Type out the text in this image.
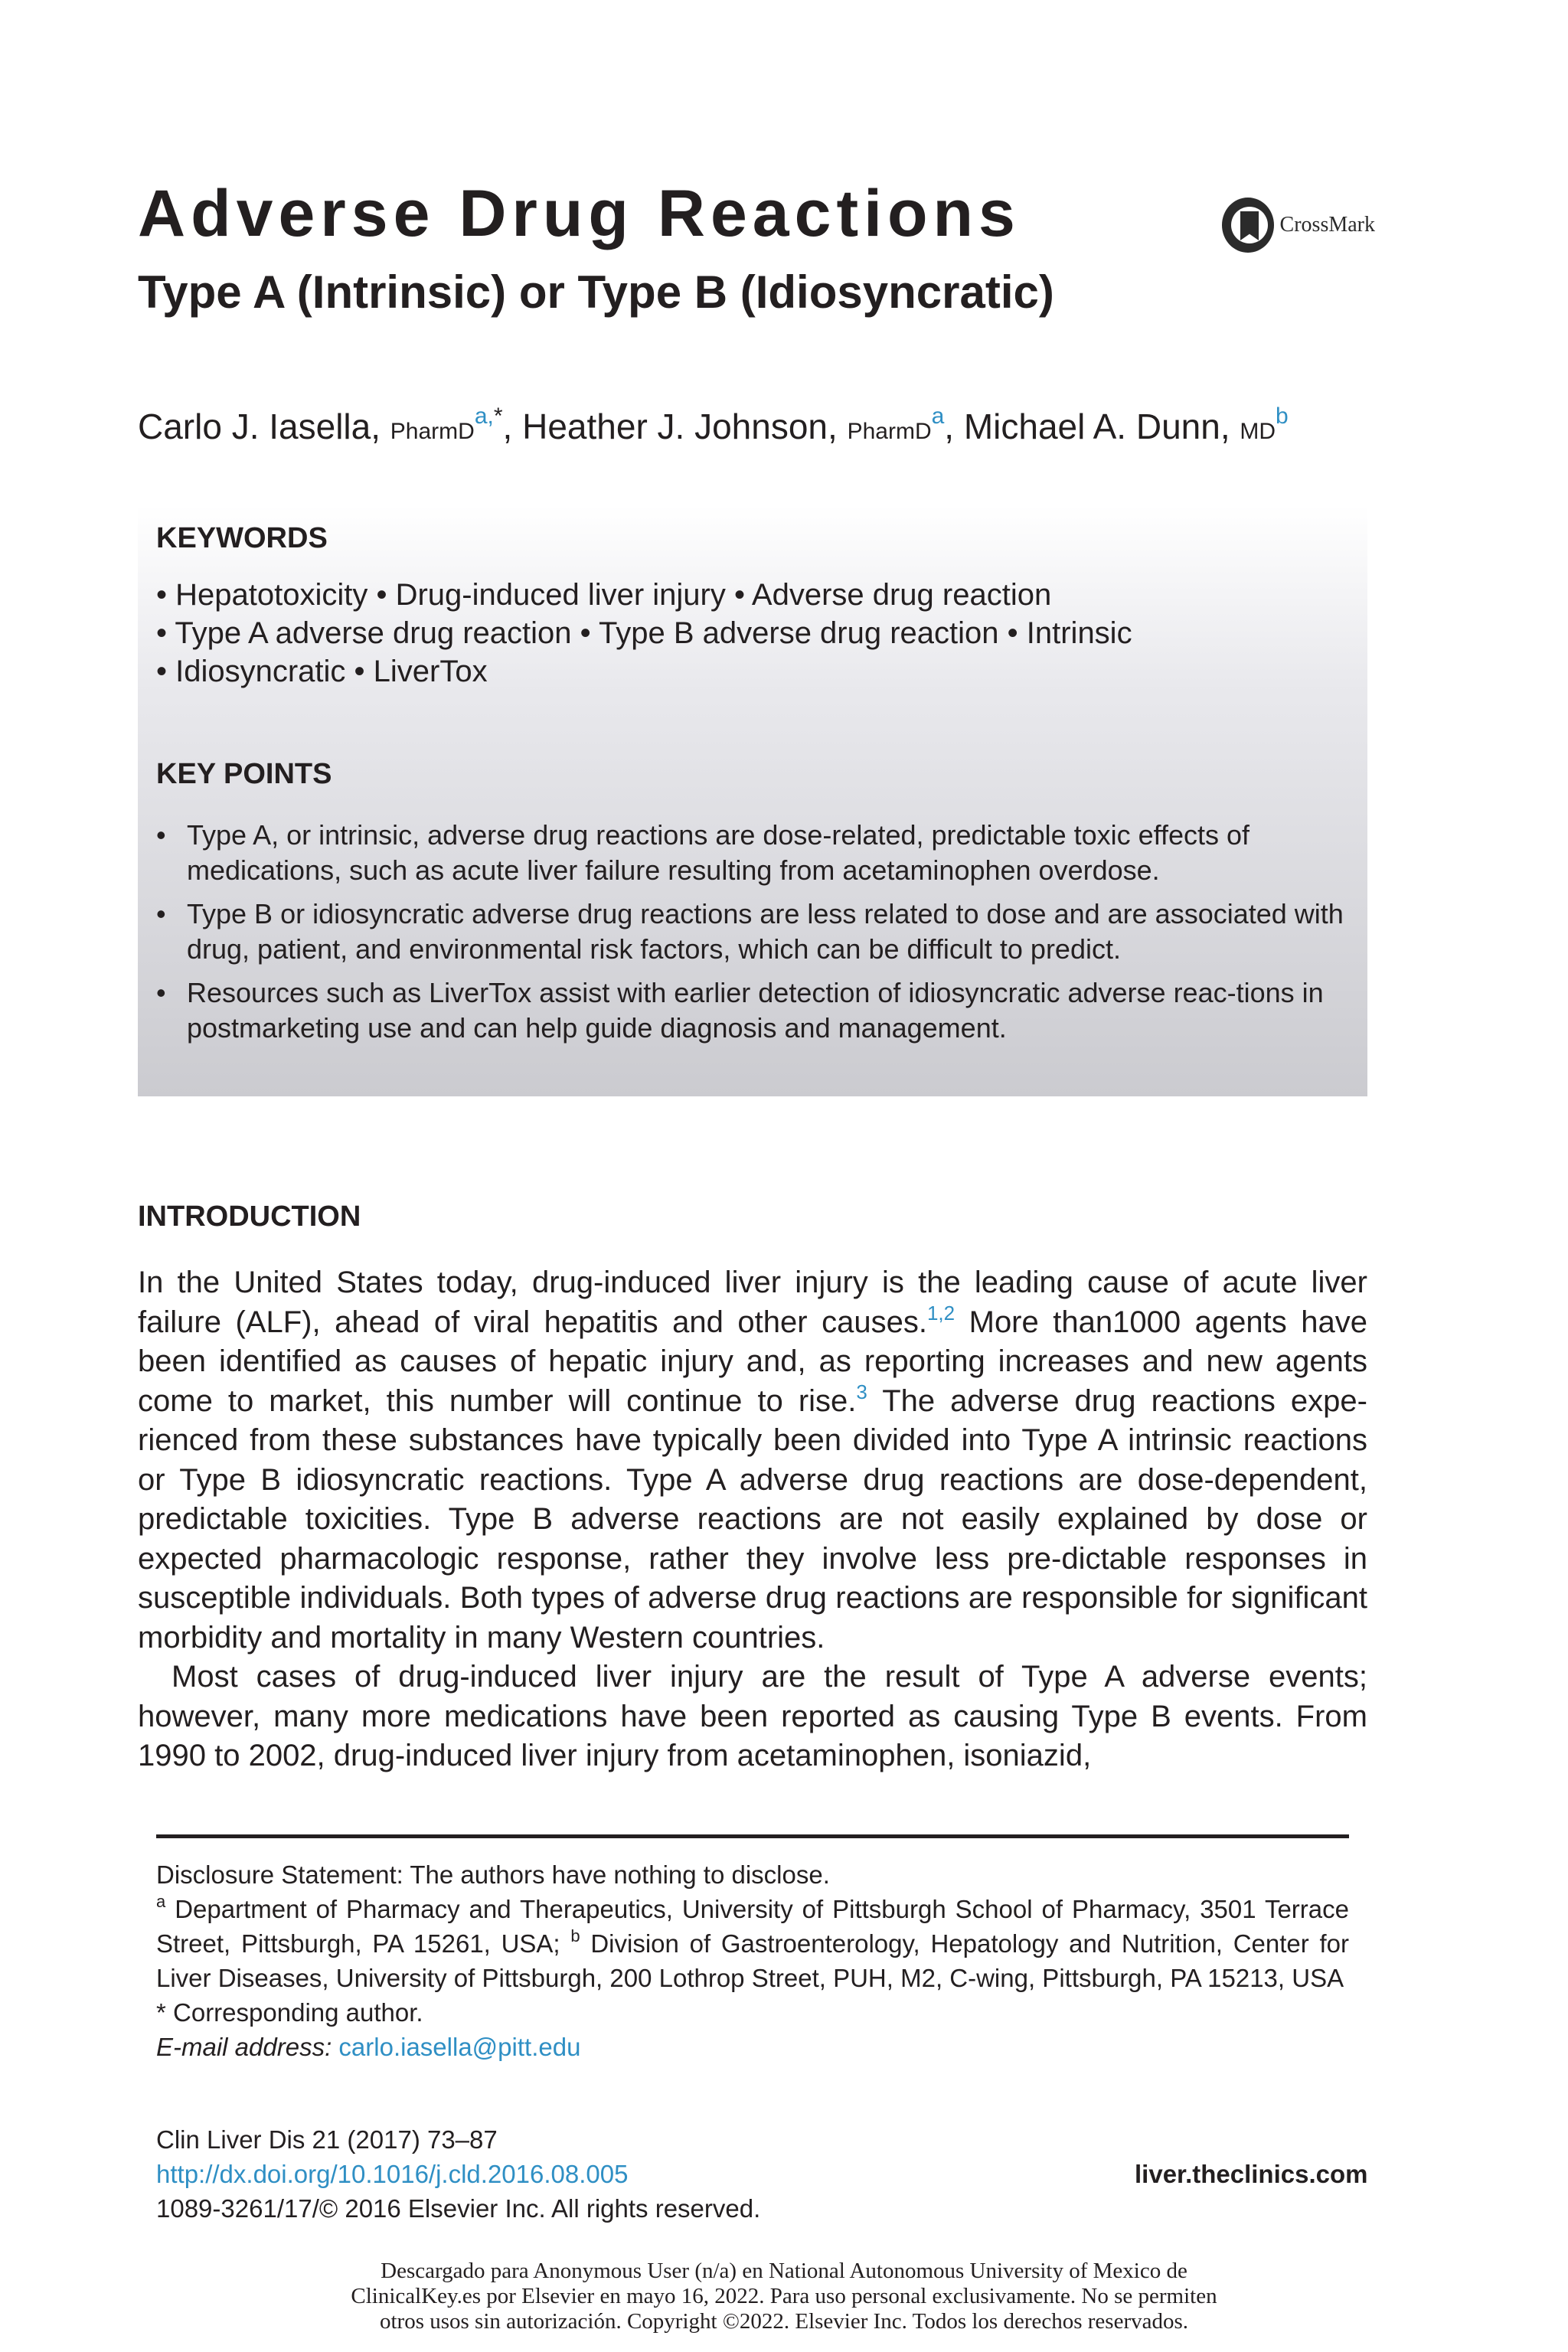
Adverse Drug Reactions
Type A (Intrinsic) or Type B (Idiosyncratic)
CrossMark
Carlo J. Iasella, PharmD$^{a,*}$, Heather J. Johnson, PharmD$^a$, Michael A. Dunn, $MD^b$
KEYWORDS
• Hepatotoxicity • Drug-induced liver injury • Adverse drug reaction
• Type A adverse drug reaction • Type B adverse drug reaction • Intrinsic
• Idiosyncratic • LiverTox
KEY POINTS
• Type A, or intrinsic, adverse drug reactions are dose-related, predictable toxic effects of medications, such as acute liver failure resulting from acetaminophen overdose.
• Type B or idiosyncratic adverse drug reactions are less related to dose and are associated with drug, patient, and environmental risk factors, which can be difficult to predict.
• Resources such as LiverTox assist with earlier detection of idiosyncratic adverse reac-tions in postmarketing use and can help guide diagnosis and management.
INTRODUCTION

In the United States today, drug-induced liver injury is the leading cause of acute liver failure (ALF), ahead of viral hepatitis and other causes.$^{1,2}$ More than1000 agents have been identified as causes of hepatic injury and, as reporting increases and new agents come to market, this number will continue to rise.$^3$ The adverse drug reactions expe-rienced from these substances have typically been divided into Type A intrinsic reactions or Type B idiosyncratic reactions. Type A adverse drug reactions are dose-dependent, predictable toxicities. Type B adverse reactions are not easily explained by dose or expected pharmacologic response, rather they involve less pre-dictable responses in susceptible individuals. Both types of adverse drug reactions are responsible for significant morbidity and mortality in many Western countries.

Most cases of drug-induced liver injury are the result of Type A adverse events; however, many more medications have been reported as causing Type B events. From 1990 to 2002, drug-induced liver injury from acetaminophen, isoniazid,

Disclosure Statement: The authors have nothing to disclose.

$^a$ Department of Pharmacy and Therapeutics, University of Pittsburgh School of Pharmacy, 3501 Terrace Street, Pittsburgh, PA 15261, USA; $^b$ Division of Gastroenterology, Hepatology and Nutrition, Center for Liver Diseases, University of Pittsburgh, 200 Lothrop Street, PUH, M2, C-wing, Pittsburgh, PA 15213, USA

* Corresponding author.

E-mail address: carlo.iasella@pitt.edu

Clin Liver Dis 21 (2017) 73–87
http://dx.doi.org/10.1016/j.cld.2016.08.005
1089-3261/17/© 2016 Elsevier Inc. All rights reserved.
liver.theclinics.com
Descargado para Anonymous User (n/a) en National Autonomous University of Mexico de
ClinicalKey.es por Elsevier en mayo 16, 2022. Para uso personal exclusivamente. No se permiten
otros usos sin autorización. Copyright ©2022. Elsevier Inc. Todos los derechos reservados.
